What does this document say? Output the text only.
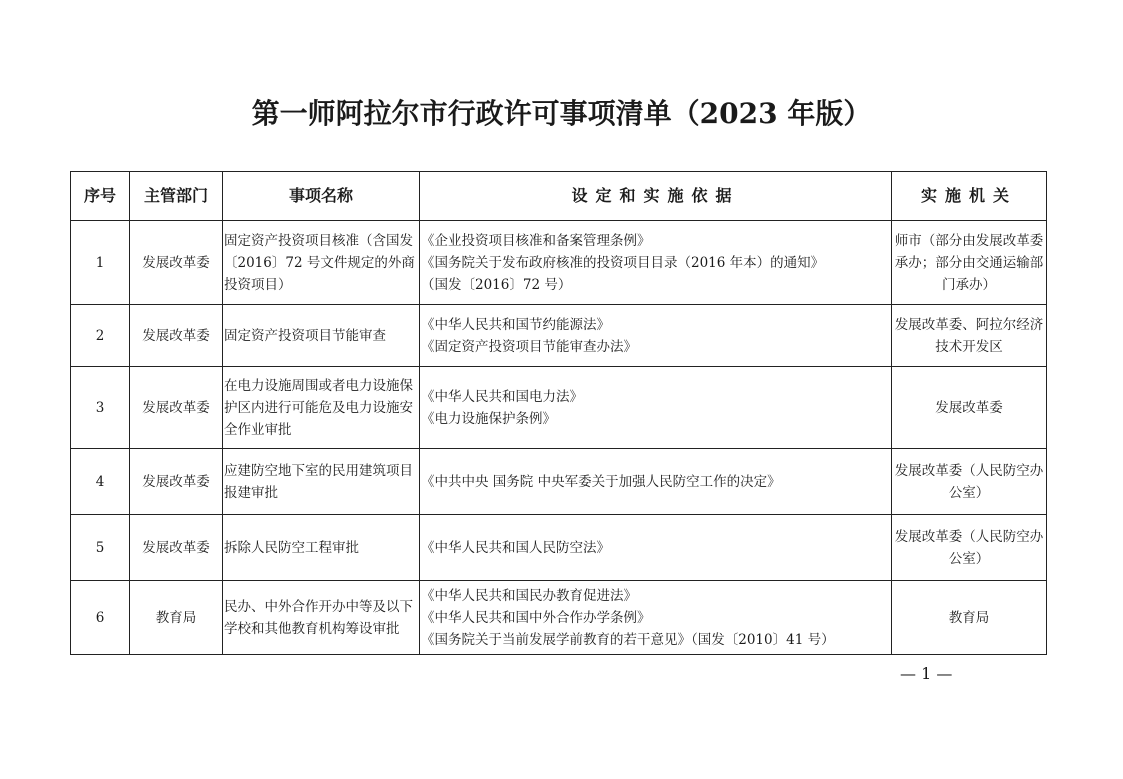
第一师阿拉尔市行政许可事项清单（2023 年版）
序号	主管部门	事项名称	设定和实施依据	实施机关
1	发展改革委	固定资产投资项目核准（含国发〔2016〕72 号文件规定的外商投资项目）	《企业投资项目核准和备案管理条例》
《国务院关于发布政府核准的投资项目目录（2016 年本）的通知》
（国发〔2016〕72 号）	师市（部分由发展改革委承办；部分由交通运输部门承办）
2	发展改革委	固定资产投资项目节能审查	《中华人民共和国节约能源法》
《固定资产投资项目节能审查办法》	发展改革委、阿拉尔经济技术开发区
3	发展改革委	在电力设施周围或者电力设施保护区内进行可能危及电力设施安全作业审批	《中华人民共和国电力法》
《电力设施保护条例》	发展改革委
4	发展改革委	应建防空地下室的民用建筑项目报建审批	《中共中央 国务院 中央军委关于加强人民防空工作的决定》	发展改革委（人民防空办公室）
5	发展改革委	拆除人民防空工程审批	《中华人民共和国人民防空法》	发展改革委（人民防空办公室）
6	教育局	民办、中外合作开办中等及以下学校和其他教育机构筹设审批	《中华人民共和国民办教育促进法》
《中华人民共和国中外合作办学条例》
《国务院关于当前发展学前教育的若干意见》（国发〔2010〕41 号）	教育局
— 1 —
